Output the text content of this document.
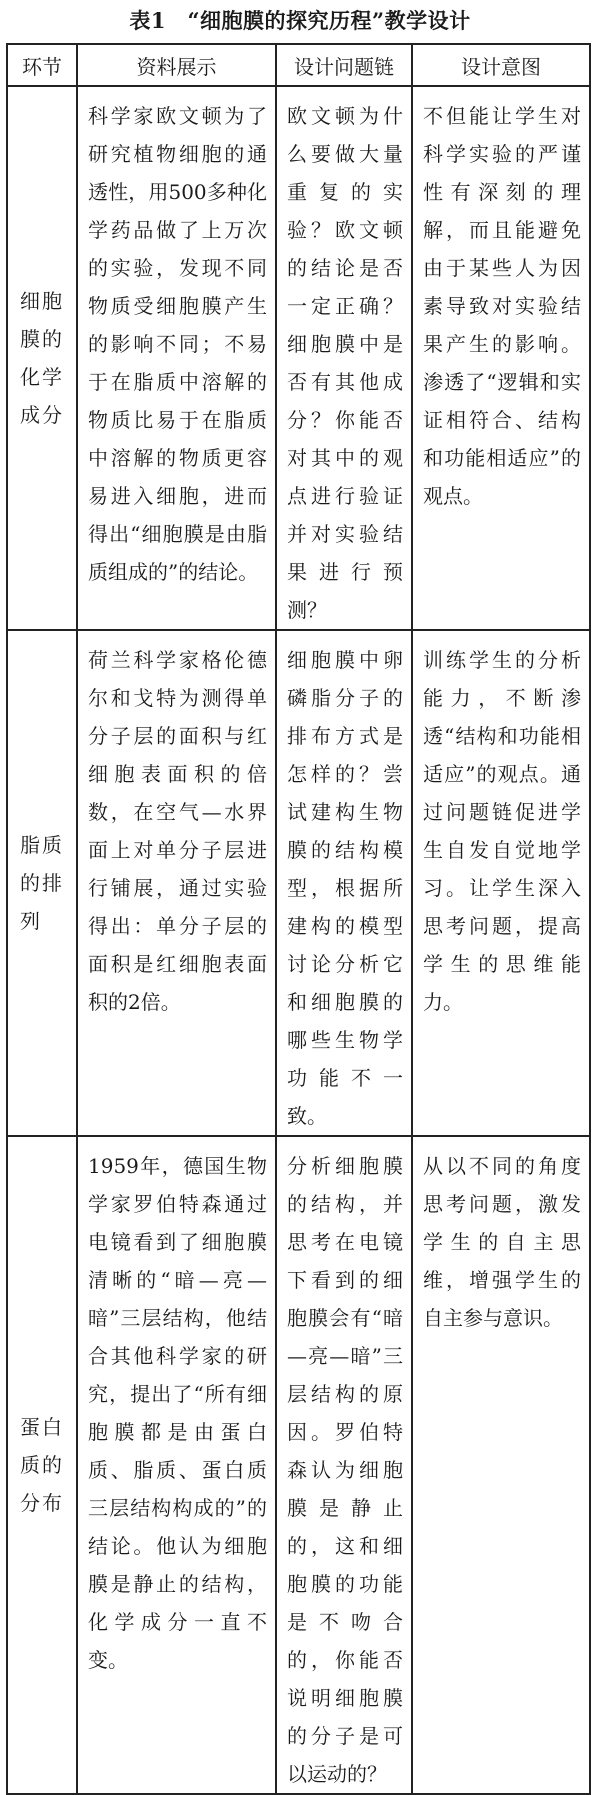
表1　“细胞膜的探究历程”教学设计
环节	资料展示	设计问题链	设计意图
细胞膜的化学成分	科学家欧文顿为了研究植物细胞的通透性，用500多种化学药品做了上万次的实验，发现不同物质受细胞膜产生的影响不同；不易于在脂质中溶解的物质比易于在脂质中溶解的物质更容易进入细胞，进而得出“细胞膜是由脂质组成的”的结论。	欧文顿为什么要做大量重复的实验？欧文顿的结论是否一定正确？细胞膜中是否有其他成分？你能否对其中的观点进行验证并对实验结果进行预测？	不但能让学生对科学实验的严谨性有深刻的理解，而且能避免由于某些人为因素导致对实验结果产生的影响。渗透了“逻辑和实证相符合、结构和功能相适应”的观点。

脂质的排列	荷兰科学家格伦德尔和戈特为测得单分子层的面积与红细胞表面积的倍数，在空气—水界面上对单分子层进行铺展，通过实验得出：单分子层的面积是红细胞表面积的2倍。	细胞膜中卵磷脂分子的排布方式是怎样的？尝试建构生物膜的结构模型，根据所建构的模型讨论分析它和细胞膜的哪些生物学功能不一致。	训练学生的分析能力，不断渗透“结构和功能相适应”的观点。通过问题链促进学生自发自觉地学习。让学生深入思考问题，提高学生的思维能力。

蛋白质的分布	1959年，德国生物学家罗伯特森通过电镜看到了细胞膜清晰的“暗—亮—暗”三层结构，他结合其他科学家的研究，提出了“所有细胞膜都是由蛋白质、脂质、蛋白质三层结构构成的”的结论。他认为细胞膜是静止的结构，化学成分一直不变。	分析细胞膜的结构，并思考在电镜下看到的细胞膜会有“暗—亮—暗”三层结构的原因。罗伯特森认为细胞膜是静止的，这和细胞膜的功能是不吻合的，你能否说明细胞膜的分子是可以运动的？	从以不同的角度思考问题，激发学生的自主思维，增强学生的自主参与意识。
